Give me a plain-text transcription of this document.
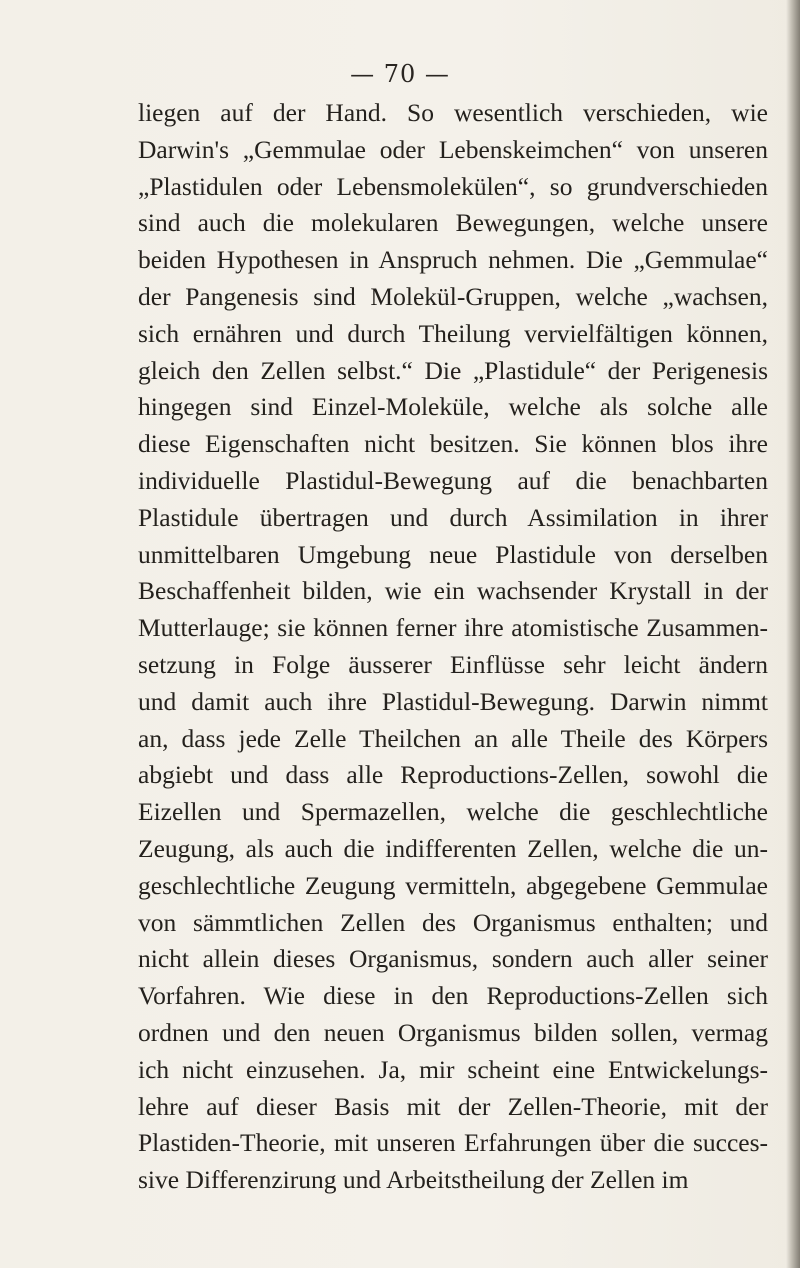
— 70 —
liegen auf der Hand. So wesentlich verschieden, wie
Darwin's „Gemmulae oder Lebenskeimchen“ von unseren
„Plastidulen oder Lebensmolekülen“, so grundverschieden
sind auch die molekularen Bewegungen, welche unsere
beiden Hypothesen in Anspruch nehmen. Die „Gemmulae“
der Pangenesis sind Molekül-Gruppen, welche „wachsen,
sich ernähren und durch Theilung vervielfältigen können,
gleich den Zellen selbst.“ Die „Plastidule“ der Perigenesis
hingegen sind Einzel-Moleküle, welche als solche alle
diese Eigenschaften nicht besitzen. Sie können blos ihre
individuelle Plastidul-Bewegung auf die benachbarten
Plastidule übertragen und durch Assimilation in ihrer
unmittelbaren Umgebung neue Plastidule von derselben
Beschaffenheit bilden, wie ein wachsender Krystall in der
Mutterlauge; sie können ferner ihre atomistische Zusammen-
setzung in Folge äusserer Einflüsse sehr leicht ändern
und damit auch ihre Plastidul-Bewegung. Darwin nimmt
an, dass jede Zelle Theilchen an alle Theile des Körpers
abgiebt und dass alle Reproductions-Zellen, sowohl die
Eizellen und Spermazellen, welche die geschlechtliche
Zeugung, als auch die indifferenten Zellen, welche die un-
geschlechtliche Zeugung vermitteln, abgegebene Gemmulae
von sämmtlichen Zellen des Organismus enthalten; und
nicht allein dieses Organismus, sondern auch aller seiner
Vorfahren. Wie diese in den Reproductions-Zellen sich
ordnen und den neuen Organismus bilden sollen, vermag
ich nicht einzusehen. Ja, mir scheint eine Entwickelungs-
lehre auf dieser Basis mit der Zellen-Theorie, mit der
Plastiden-Theorie, mit unseren Erfahrungen über die succes-
sive Differenzirung und Arbeitstheilung der Zellen im
